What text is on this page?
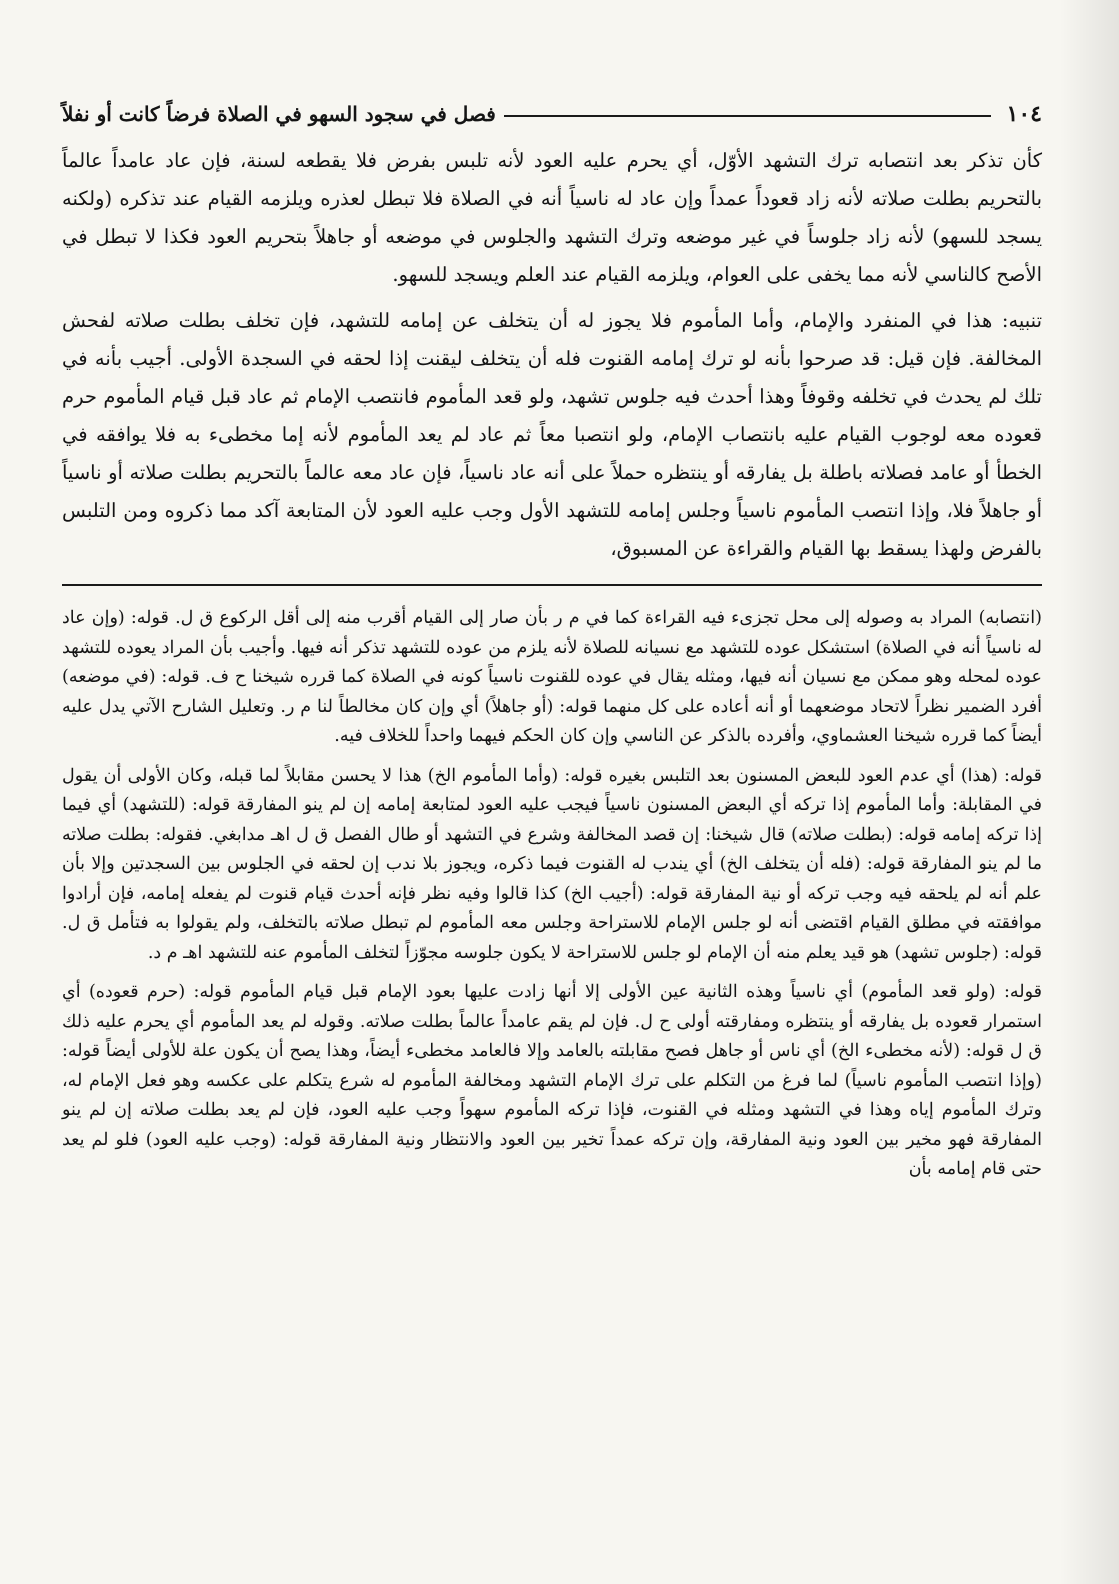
١٠٤
فصل في سجود السهو في الصلاة فرضاً كانت أو نفلاً

كأن تذكر بعد انتصابه ترك التشهد الأوّل، أي يحرم عليه العود لأنه تلبس بفرض فلا يقطعه لسنة، فإن عاد عامداً عالماً بالتحريم بطلت صلاته لأنه زاد قعوداً عمداً وإن عاد له ناسياً أنه في الصلاة فلا تبطل لعذره ويلزمه القيام عند تذكره (ولكنه يسجد للسهو) لأنه زاد جلوساً في غير موضعه وترك التشهد والجلوس في موضعه أو جاهلاً بتحريم العود فكذا لا تبطل في الأصح كالناسي لأنه مما يخفى على العوام، ويلزمه القيام عند العلم ويسجد للسهو.

تنبيه: هذا في المنفرد والإمام، وأما المأموم فلا يجوز له أن يتخلف عن إمامه للتشهد، فإن تخلف بطلت صلاته لفحش المخالفة. فإن قيل: قد صرحوا بأنه لو ترك إمامه القنوت فله أن يتخلف ليقنت إذا لحقه في السجدة الأولى. أجيب بأنه في تلك لم يحدث في تخلفه وقوفاً وهذا أحدث فيه جلوس تشهد، ولو قعد المأموم فانتصب الإمام ثم عاد قبل قيام المأموم حرم قعوده معه لوجوب القيام عليه بانتصاب الإمام، ولو انتصبا معاً ثم عاد لم يعد المأموم لأنه إما مخطىء به فلا يوافقه في الخطأ أو عامد فصلاته باطلة بل يفارقه أو ينتظره حملاً على أنه عاد ناسياً، فإن عاد معه عالماً بالتحريم بطلت صلاته أو ناسياً أو جاهلاً فلا، وإذا انتصب المأموم ناسياً وجلس إمامه للتشهد الأول وجب عليه العود لأن المتابعة آكد مما ذكروه ومن التلبس بالفرض ولهذا يسقط بها القيام والقراءة عن المسبوق،

(انتصابه) المراد به وصوله إلى محل تجزىء فيه القراءة كما في م ر بأن صار إلى القيام أقرب منه إلى أقل الركوع ق ل. قوله: (وإن عاد له ناسياً أنه في الصلاة) استشكل عوده للتشهد مع نسيانه للصلاة لأنه يلزم من عوده للتشهد تذكر أنه فيها. وأجيب بأن المراد يعوده للتشهد عوده لمحله وهو ممكن مع نسيان أنه فيها، ومثله يقال في عوده للقنوت ناسياً كونه في الصلاة كما قرره شيخنا ح ف. قوله: (في موضعه) أفرد الضمير نظراً لاتحاد موضعهما أو أنه أعاده على كل منهما قوله: (أو جاهلاً) أي وإن كان مخالطاً لنا م ر. وتعليل الشارح الآتي يدل عليه أيضاً كما قرره شيخنا العشماوي، وأفرده بالذكر عن الناسي وإن كان الحكم فيهما واحداً للخلاف فيه.

قوله: (هذا) أي عدم العود للبعض المسنون بعد التلبس بغيره قوله: (وأما المأموم الخ) هذا لا يحسن مقابلاً لما قبله، وكان الأولى أن يقول في المقابلة: وأما المأموم إذا تركه أي البعض المسنون ناسياً فيجب عليه العود لمتابعة إمامه إن لم ينو المفارقة قوله: (للتشهد) أي فيما إذا تركه إمامه قوله: (بطلت صلاته) قال شيخنا: إن قصد المخالفة وشرع في التشهد أو طال الفصل ق ل اهـ مدابغي. فقوله: بطلت صلاته ما لم ينو المفارقة قوله: (فله أن يتخلف الخ) أي يندب له القنوت فيما ذكره، ويجوز بلا ندب إن لحقه في الجلوس بين السجدتين وإلا بأن علم أنه لم يلحقه فيه وجب تركه أو نية المفارقة قوله: (أجيب الخ) كذا قالوا وفيه نظر فإنه أحدث قيام قنوت لم يفعله إمامه، فإن أرادوا موافقته في مطلق القيام اقتضى أنه لو جلس الإمام للاستراحة وجلس معه المأموم لم تبطل صلاته بالتخلف، ولم يقولوا به فتأمل ق ل. قوله: (جلوس تشهد) هو قيد يعلم منه أن الإمام لو جلس للاستراحة لا يكون جلوسه مجوّزاً لتخلف المأموم عنه للتشهد اهـ م د.

قوله: (ولو قعد المأموم) أي ناسياً وهذه الثانية عين الأولى إلا أنها زادت عليها بعود الإمام قبل قيام المأموم قوله: (حرم قعوده) أي استمرار قعوده بل يفارقه أو ينتظره ومفارقته أولى ح ل. فإن لم يقم عامداً عالماً بطلت صلاته. وقوله لم يعد المأموم أي يحرم عليه ذلك ق ل قوله: (لأنه مخطىء الخ) أي ناس أو جاهل فصح مقابلته بالعامد وإلا فالعامد مخطىء أيضاً، وهذا يصح أن يكون علة للأولى أيضاً قوله: (وإذا انتصب المأموم ناسياً) لما فرغ من التكلم على ترك الإمام التشهد ومخالفة المأموم له شرع يتكلم على عكسه وهو فعل الإمام له، وترك المأموم إياه وهذا في التشهد ومثله في القنوت، فإذا تركه المأموم سهواً وجب عليه العود، فإن لم يعد بطلت صلاته إن لم ينو المفارقة فهو مخير بين العود ونية المفارقة، وإن تركه عمداً تخير بين العود والانتظار ونية المفارقة قوله: (وجب عليه العود) فلو لم يعد حتى قام إمامه بأن
